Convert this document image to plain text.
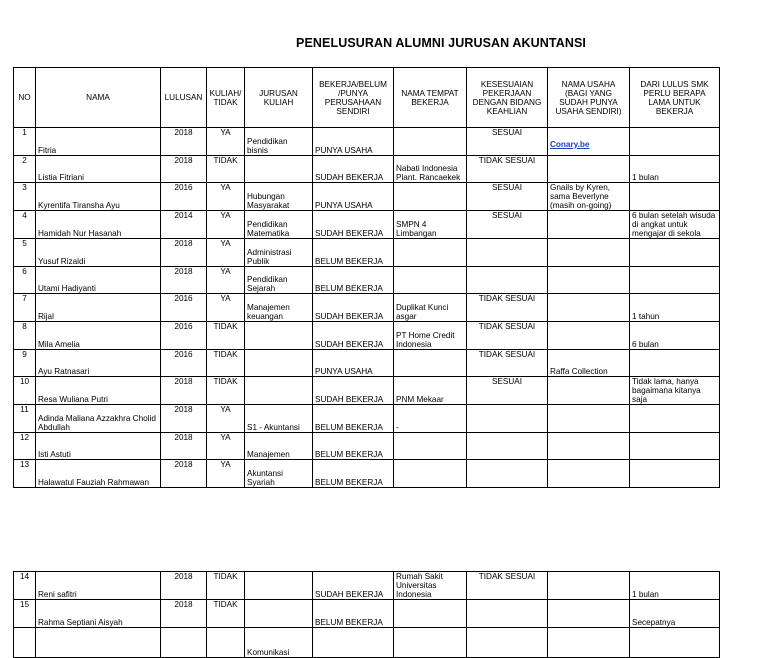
PENELUSURAN ALUMNI JURUSAN AKUNTANSI
NO	NAMA	LULUSAN	KULIAH/ TIDAK	JURUSAN KULIAH	BEKERJA/BELUM /PUNYA PERUSAHAAN SENDIRI	NAMA TEMPAT BEKERJA	KESESUAIAN PEKERJAAN DENGAN BIDANG KEAHLIAN	NAMA USAHA (BAGI YANG SUDAH PUNYA USAHA SENDIRI)	DARI LULUS SMK PERLU BERAPA LAMA UNTUK BEKERJA

1	Fitria	2018	YA	Pendidikan bisnis	PUNYA USAHA		SESUAI	Conary.be	
2	Listia Fitriani	2018	TIDAK		SUDAH BEKERJA	Nabati Indonesia Plant. Rancaekek	TIDAK SESUAI		1 bulan
3	Kyrentifa Tiransha Ayu	2016	YA	Hubungan Masyarakat	PUNYA USAHA		SESUAI	Gnails by Kyren, sama Beverlyne (masih on-going)	
4	Hamidah Nur Hasanah	2014	YA	Pendidikan Matematika	SUDAH BEKERJA	SMPN 4 Limbangan	SESUAI		6 bulan setelah wisuda di angkat untuk mengajar di sekola
5	Yusuf Rizaldi	2018	YA	Administrasi Publik	BELUM BEKERJA				
6	Utami Hadiyanti	2018	YA	Pendidikan Sejarah	BELUM BEKERJA				
7	Rijal	2016	YA	Manajemen keuangan	SUDAH BEKERJA	Duplikat Kunci asgar	TIDAK SESUAI		1 tahun
8	Mila Amelia	2016	TIDAK		SUDAH BEKERJA	PT Home Credit Indonesia	TIDAK SESUAI		6 bulan
9	Ayu Ratnasari	2016	TIDAK		PUNYA USAHA		TIDAK SESUAI	Raffa Collection	
10	Resa Wuliana Putri	2018	TIDAK		SUDAH BEKERJA	PNM Mekaar	SESUAI		Tidak lama, hanya bagaimana kitanya saja
11	Adinda Maliana Azzakhra Cholid Abdullah	2018	YA	S1 - Akuntansi	BELUM BEKERJA	-			
12	Isti Astuti	2018	YA	Manajemen	BELUM BEKERJA				
13	Halawatul Fauziah Rahmawan	2018	YA	Akuntansi Syariah	BELUM BEKERJA				
14	Reni safitri	2018	TIDAK		SUDAH BEKERJA	Rumah Sakit Universitas Indonesia	TIDAK SESUAI		1 bulan
15	Rahma Septiani Aisyah	2018	TIDAK		BELUM BEKERJA				Secepatnya
				Komunikasi					
